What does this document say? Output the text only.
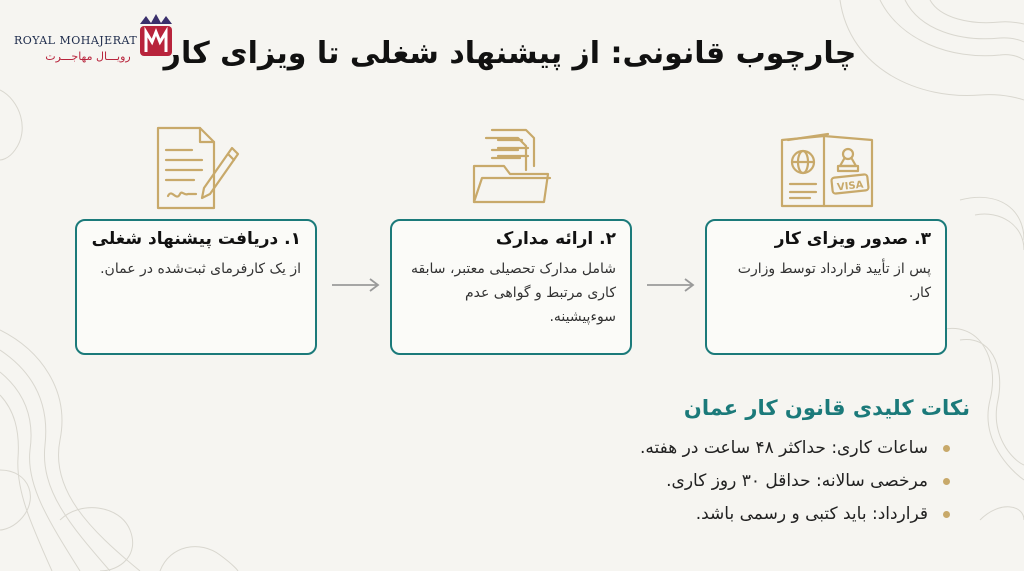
ROYAL MOHAJERAT
رویـــال مهاجـــرت چارچوب قانونی: از پیشنهاد شغلی تا ویزای کار
VISA
۱. دریافت پیشنهاد شغلی
از یک کارفرمای ثبت‌شده در عمان.
۲. ارائه مدارک
شامل مدارک تحصیلی معتبر، سابقه کاری مرتبط و گواهی عدم سوءپیشینه.
۳. صدور ویزای کار
پس از تأیید قرارداد توسط وزارت کار.
نکات کلیدی قانون کار عمان
ساعات کاری: حداکثر ۴۸ ساعت در هفته.
مرخصی سالانه: حداقل ۳۰ روز کاری.
قرارداد: باید کتبی و رسمی باشد.
